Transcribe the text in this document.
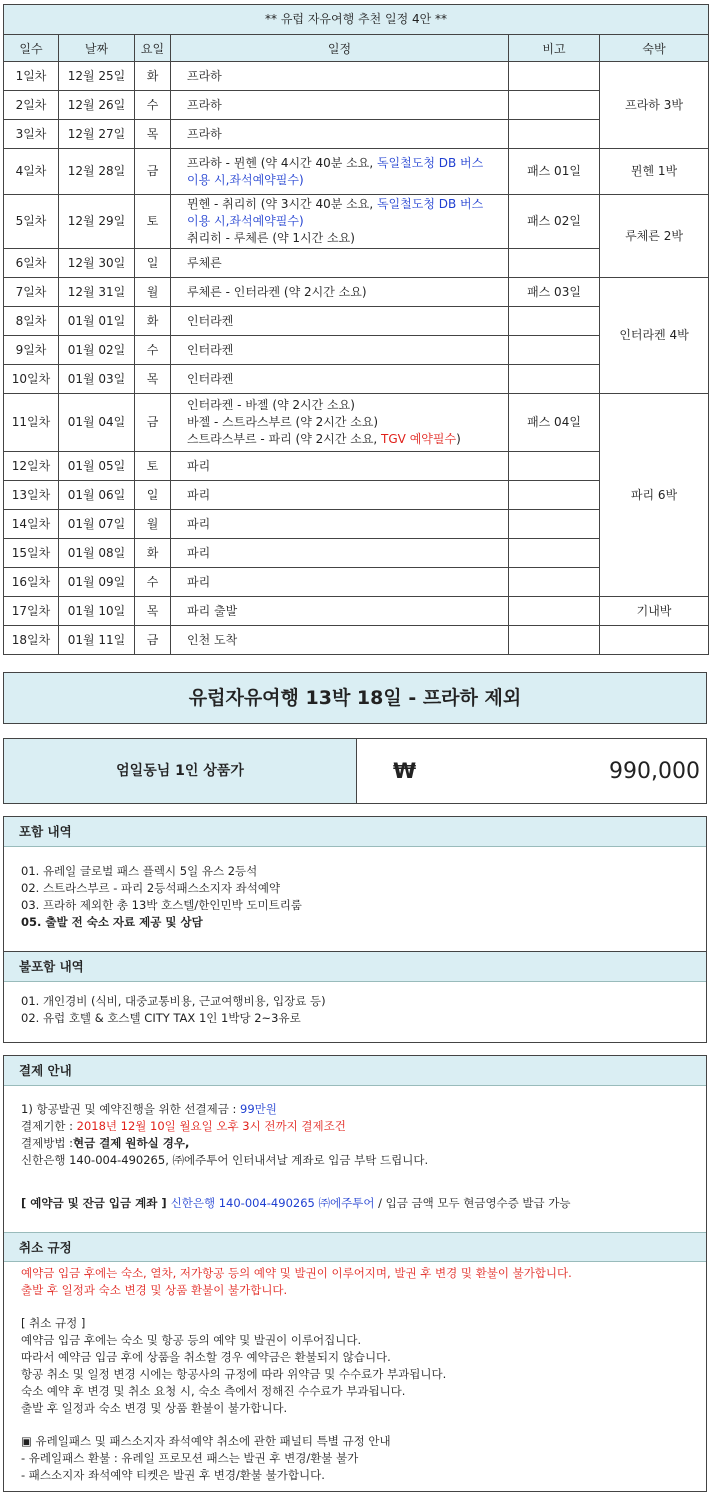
** 유럽 자유여행 추천 일정 4안 **					
일수	날짜	요일	일정	비고	숙박
1일차	12월 25일	화	프라하		프라하 3박
2일차	12월 26일	수	프라하		
3일차	12월 27일	목	프라하		
4일차	12월 28일	금	프라하 - 뮌헨 (약 4시간 40분 소요, 독일철도청 DB 버스
이용 시,좌석예약필수)	패스 01일	뮌헨 1박
5일차	12월 29일	토	뮌헨 - 취리히 (약 3시간 40분 소요, 독일철도청 DB 버스
이용 시,좌석예약필수)
취리히 - 루체른 (약 1시간 소요)	패스 02일	루체른 2박
6일차	12월 30일	일	루체른		
7일차	12월 31일	월	루체른 - 인터라켄 (약 2시간 소요)	패스 03일	인터라켄 4박
8일차	01월 01일	화	인터라켄		
9일차	01월 02일	수	인터라켄		
10일차	01월 03일	목	인터라켄		
11일차	01월 04일	금	인터라켄 - 바젤 (약 2시간 소요)
바젤 - 스트라스부르 (약 2시간 소요)
스트라스부르 - 파리 (약 2시간 소요, TGV 예약필수)	패스 04일	파리 6박
12일차	01월 05일	토	파리		
13일차	01월 06일	일	파리		
14일차	01월 07일	월	파리		
15일차	01월 08일	화	파리		
16일차	01월 09일	수	파리		
17일차	01월 10일	목	파리 출발		기내박
18일차	01월 11일	금	인천 도착		
유럽자유여행 13박 18일 - 프라하 제외
엄일동님 1인 상품가	₩	990,000
포함 내역
01. 유레일 글로벌 패스 플렉시 5일 유스 2등석
02. 스트라스부르 - 파리 2등석패스소지자 좌석예약
03. 프라하 제외한 총 13박 호스텔/한인민박 도미트리룸
05. 출발 전 숙소 자료 제공 및 상담
불포함 내역
01. 개인경비 (식비, 대중교통비용, 근교여행비용, 입장료 등)
02. 유럽 호텔 & 호스텔 CITY TAX 1인 1박당 2~3유로
결제 안내
1) 항공발권 및 예약진행을 위한 선결제금 : 99만원
결제기한 : 2018년 12월 10일 월요일 오후 3시 전까지 결제조건
결제방법 :현금 결제 원하실 경우,
신한은행 140-004-490265, ㈜에주투어 인터내셔날 계좌로 입금 부탁 드립니다.
[ 예약금 및 잔금 입금 계좌 ] 신한은행 140-004-490265 ㈜에주투어 / 입금 금액 모두 현금영수증 발급 가능
취소 규정
예약금 입금 후에는 숙소, 열차, 저가항공 등의 예약 및 발권이 이루어지며, 발권 후 변경 및 환불이 불가합니다.
출발 후 일정과 숙소 변경 및 상품 환불이 불가합니다.
[ 취소 규정 ]
예약금 입금 후에는 숙소 및 항공 등의 예약 및 발권이 이루어집니다.
따라서 예약금 입금 후에 상품을 취소할 경우 예약금은 환불되지 않습니다.
항공 취소 및 일정 변경 시에는 항공사의 규정에 따라 위약금 및 수수료가 부과됩니다.
숙소 예약 후 변경 및 취소 요청 시, 숙소 측에서 정해진 수수료가 부과됩니다.
출발 후 일정과 숙소 변경 및 상품 환불이 불가합니다.
▣ 유레일패스 및 패스소지자 좌석예약 취소에 관한 패널티 특별 규정 안내
- 유레일패스 환불 : 유레일 프로모션 패스는 발권 후 변경/환불 불가
- 패스소지자 좌석예약 티켓은 발권 후 변경/환불 불가합니다.
